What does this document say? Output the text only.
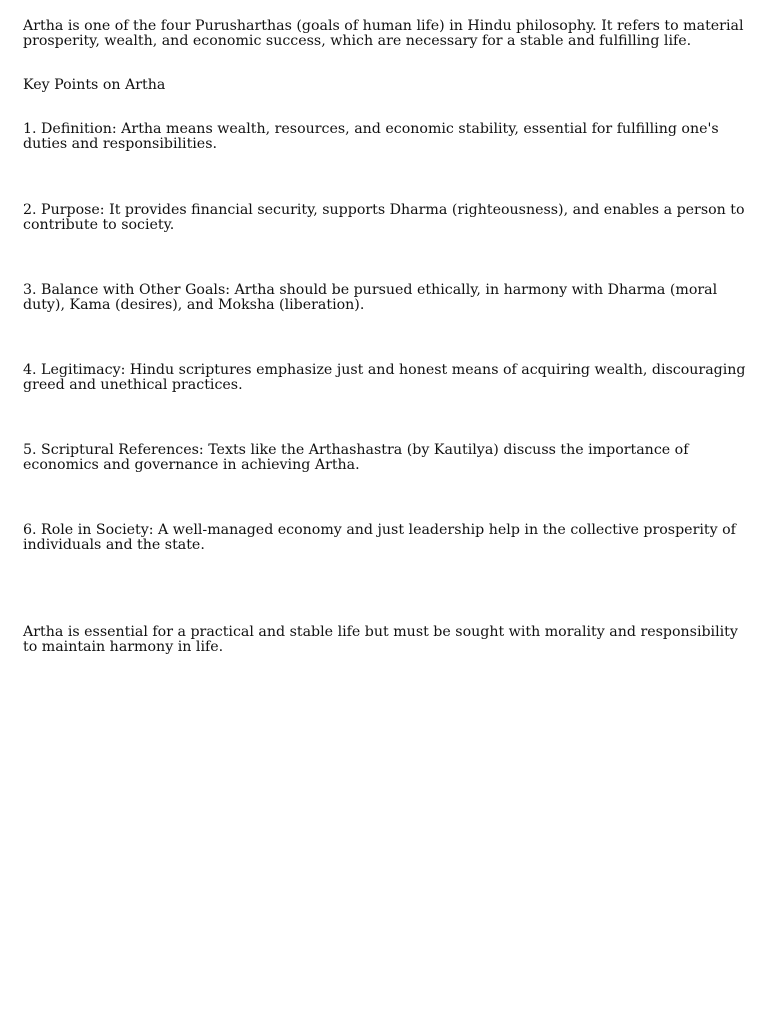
Artha is one of the four Purusharthas (goals of human life) in Hindu philosophy. It refers to material prosperity, wealth, and economic success, which are necessary for a stable and fulfilling life.

Key Points on Artha

1. Definition: Artha means wealth, resources, and economic stability, essential for fulfilling one's duties and responsibilities.

2. Purpose: It provides financial security, supports Dharma (righteousness), and enables a person to contribute to society.

3. Balance with Other Goals: Artha should be pursued ethically, in harmony with Dharma (moral duty), Kama (desires), and Moksha (liberation).

4. Legitimacy: Hindu scriptures emphasize just and honest means of acquiring wealth, discouraging greed and unethical practices.

5. Scriptural References: Texts like the Arthashastra (by Kautilya) discuss the importance of economics and governance in achieving Artha.

6. Role in Society: A well-managed economy and just leadership help in the collective prosperity of individuals and the state.

Artha is essential for a practical and stable life but must be sought with morality and responsibility to maintain harmony in life.
